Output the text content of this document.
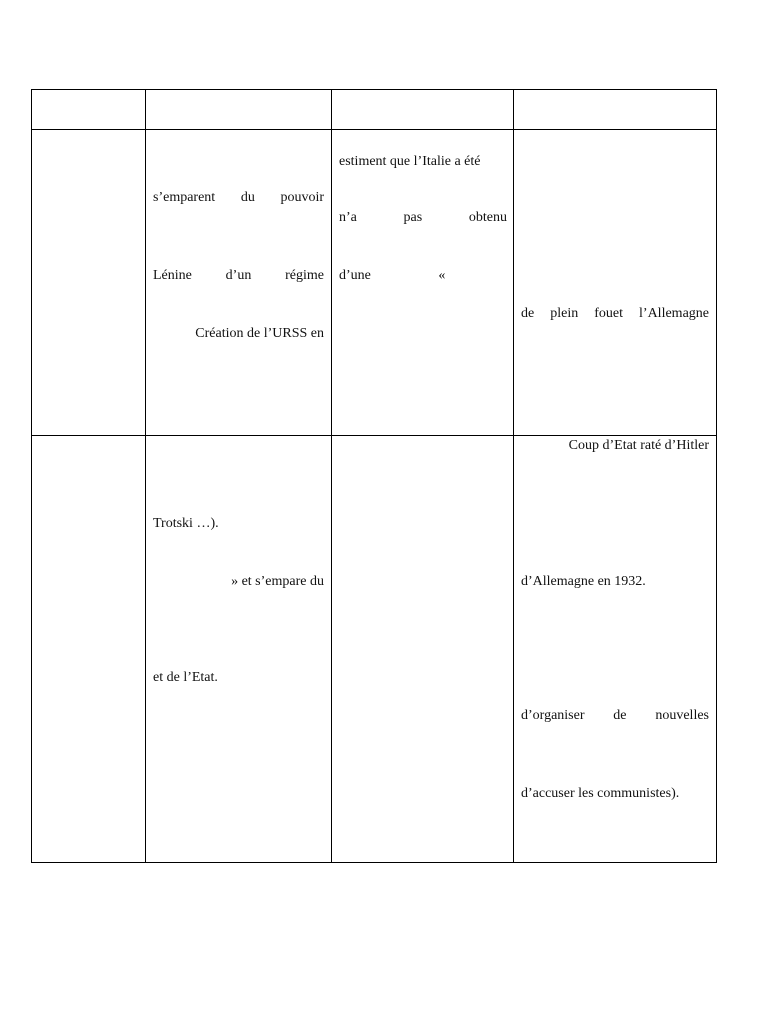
s’emparent du pouvoir
Lénine d’un régime
Création de l’URSS en
estiment que l’Italie a été
n’a pas obtenu
d’une «
de plein fouet l’Allemagne
Trotski …).
» et s’empare du
et de l’Etat.
Coup d’Etat raté d’Hitler
d’Allemagne en 1932.
d’organiser de nouvelles
d’accuser les communistes).
